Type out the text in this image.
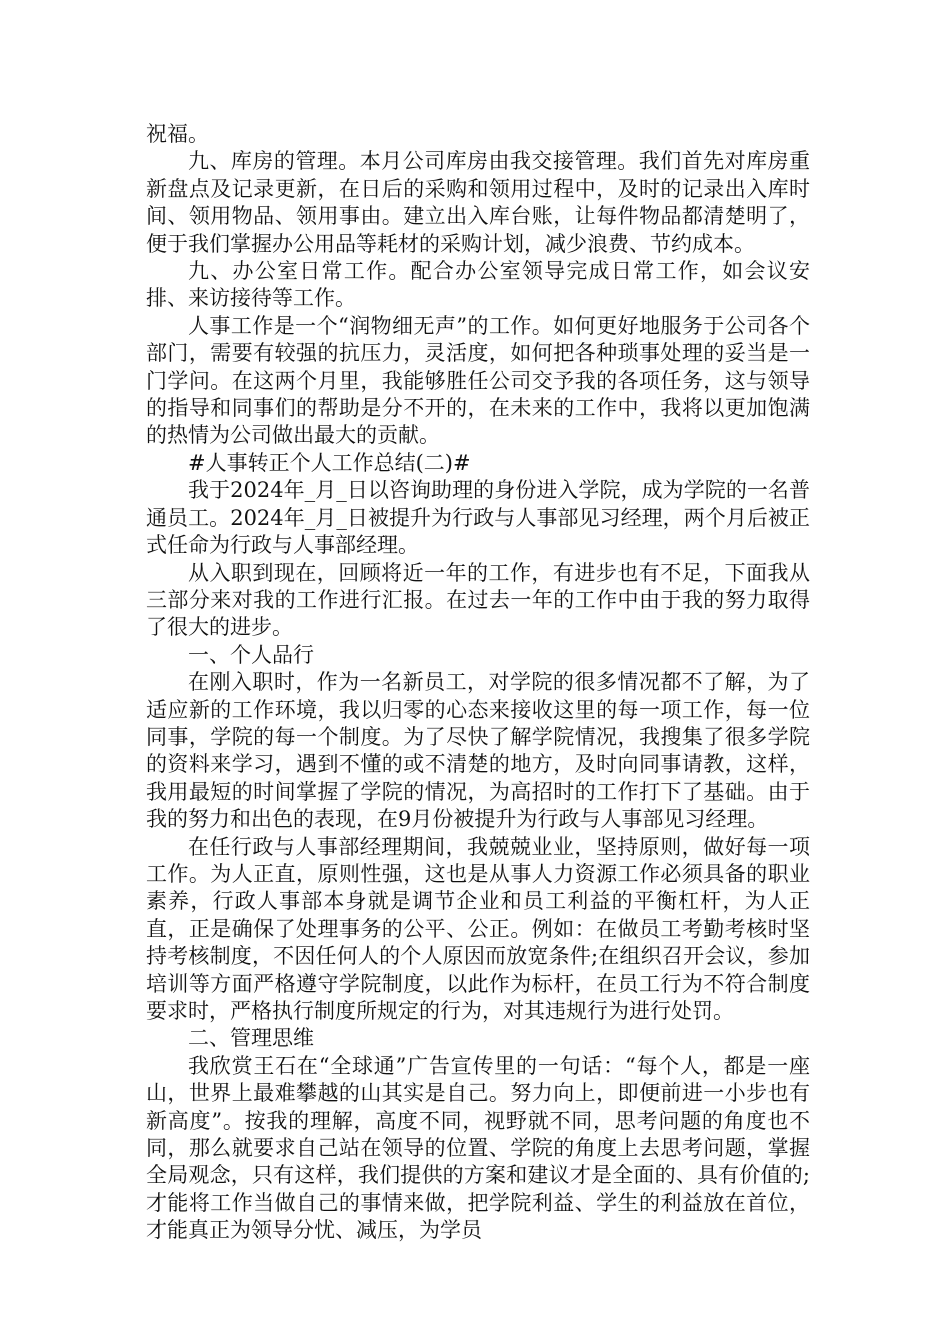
祝福。

九、库房的管理。本月公司库房由我交接管理。我们首先对库房重新盘点及记录更新，在日后的采购和领用过程中，及时的记录出入库时间、领用物品、领用事由。建立出入库台账，让每件物品都清楚明了，便于我们掌握办公用品等耗材的采购计划，减少浪费、节约成本。

九、办公室日常工作。配合办公室领导完成日常工作，如会议安排、来访接待等工作。

人事工作是一个“润物细无声”的工作。如何更好地服务于公司各个部门，需要有较强的抗压力，灵活度，如何把各种琐事处理的妥当是一门学问。在这两个月里，我能够胜任公司交予我的各项任务，这与领导的指导和同事们的帮助是分不开的，在未来的工作中，我将以更加饱满的热情为公司做出最大的贡献。

#人事转正个人工作总结(二)#

我于2024年_月_日以咨询助理的身份进入学院，成为学院的一名普通员工。2024年_月_日被提升为行政与人事部见习经理，两个月后被正式任命为行政与人事部经理。

从入职到现在，回顾将近一年的工作，有进步也有不足，下面我从三部分来对我的工作进行汇报。在过去一年的工作中由于我的努力取得了很大的进步。

一、个人品行

在刚入职时，作为一名新员工，对学院的很多情况都不了解，为了适应新的工作环境，我以归零的心态来接收这里的每一项工作，每一位同事，学院的每一个制度。为了尽快了解学院情况，我搜集了很多学院的资料来学习，遇到不懂的或不清楚的地方，及时向同事请教，这样，我用最短的时间掌握了学院的情况，为高招时的工作打下了基础。由于我的努力和出色的表现，在9月份被提升为行政与人事部见习经理。

在任行政与人事部经理期间，我兢兢业业，坚持原则，做好每一项工作。为人正直，原则性强，这也是从事人力资源工作必须具备的职业素养，行政人事部本身就是调节企业和员工利益的平衡杠杆，为人正直，正是确保了处理事务的公平、公正。例如：在做员工考勤考核时坚持考核制度，不因任何人的个人原因而放宽条件;在组织召开会议，参加培训等方面严格遵守学院制度，以此作为标杆，在员工行为不符合制度要求时，严格执行制度所规定的行为，对其违规行为进行处罚。

二、管理思维

我欣赏王石在“全球通”广告宣传里的一句话：“每个人，都是一座山，世界上最难攀越的山其实是自己。努力向上，即便前进一小步也有新高度”。按我的理解，高度不同，视野就不同，思考问题的角度也不同，那么就要求自己站在领导的位置、学院的角度上去思考问题，掌握全局观念，只有这样，我们提供的方案和建议才是全面的、具有价值的;才能将工作当做自己的事情来做，把学院利益、学生的利益放在首位，才能真正为领导分忧、减压，为学员
